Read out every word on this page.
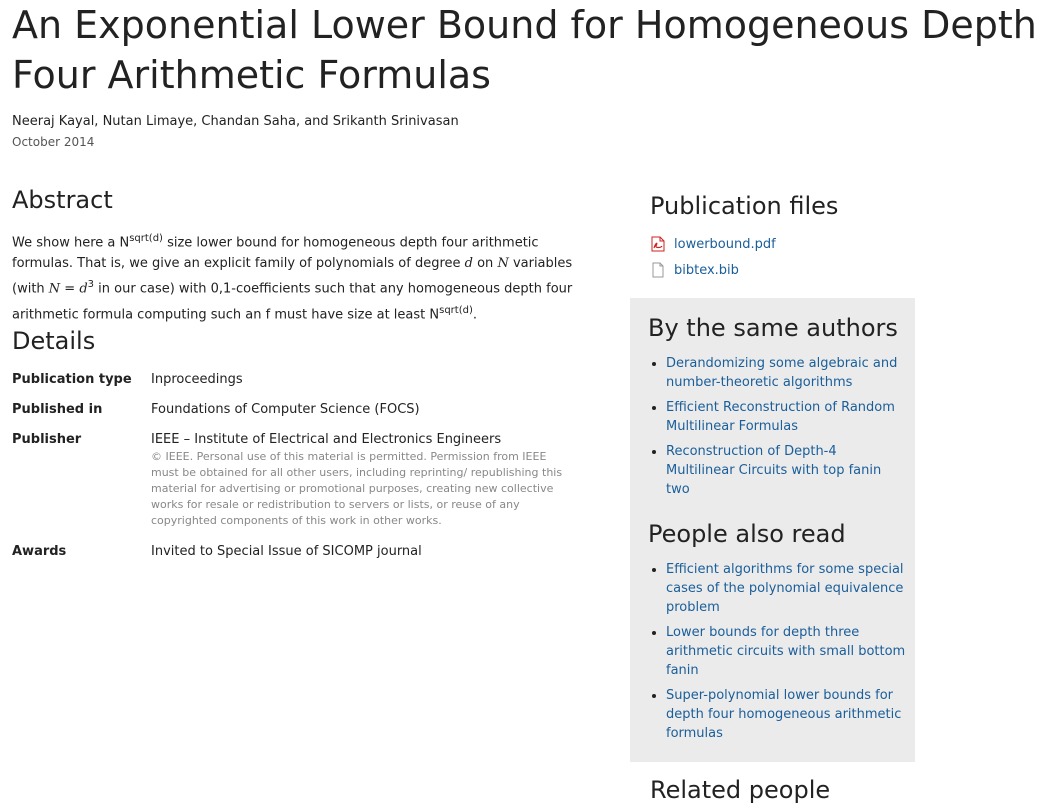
An Exponential Lower Bound for Homogeneous Depth
Four Arithmetic Formulas
Neeraj Kayal, Nutan Limaye, Chandan Saha, and Srikanth Srinivasan
October 2014
Abstract
We show here a $N^{sqrt(d)}$ size lower bound for homogeneous depth four arithmetic formulas. That is, we give an explicit family of polynomials of degree d on N variables (with $N = d^3$ in our case) with 0,1-coefficients such that any homogeneous depth four arithmetic formula computing such an f must have size at least $N^{sqrt(d)}$.
Details
Publication type	Inproceedings
Published in	Foundations of Computer Science (FOCS)
Publisher	IEEE – Institute of Electrical and Electronics Engineers
© IEEE. Personal use of this material is permitted. Permission from IEEE must be obtained for all other users, including reprinting/ republishing this material for advertising or promotional purposes, creating new collective works for resale or redistribution to servers or lists, or reuse of any copyrighted components of this work in other works.
Awards	Invited to Special Issue of SICOMP journal
Publication files
lowerbound.pdf
bibtex.bib
By the same authors
• Derandomizing some algebraic and number-theoretic algorithms
• Efficient Reconstruction of Random Multilinear Formulas
• Reconstruction of Depth-4 Multilinear Circuits with top fanin two
People also read
• Efficient algorithms for some special cases of the polynomial equivalence problem
• Lower bounds for depth three arithmetic circuits with small bottom fanin
• Super-polynomial lower bounds for depth four homogeneous arithmetic formulas
Related people
